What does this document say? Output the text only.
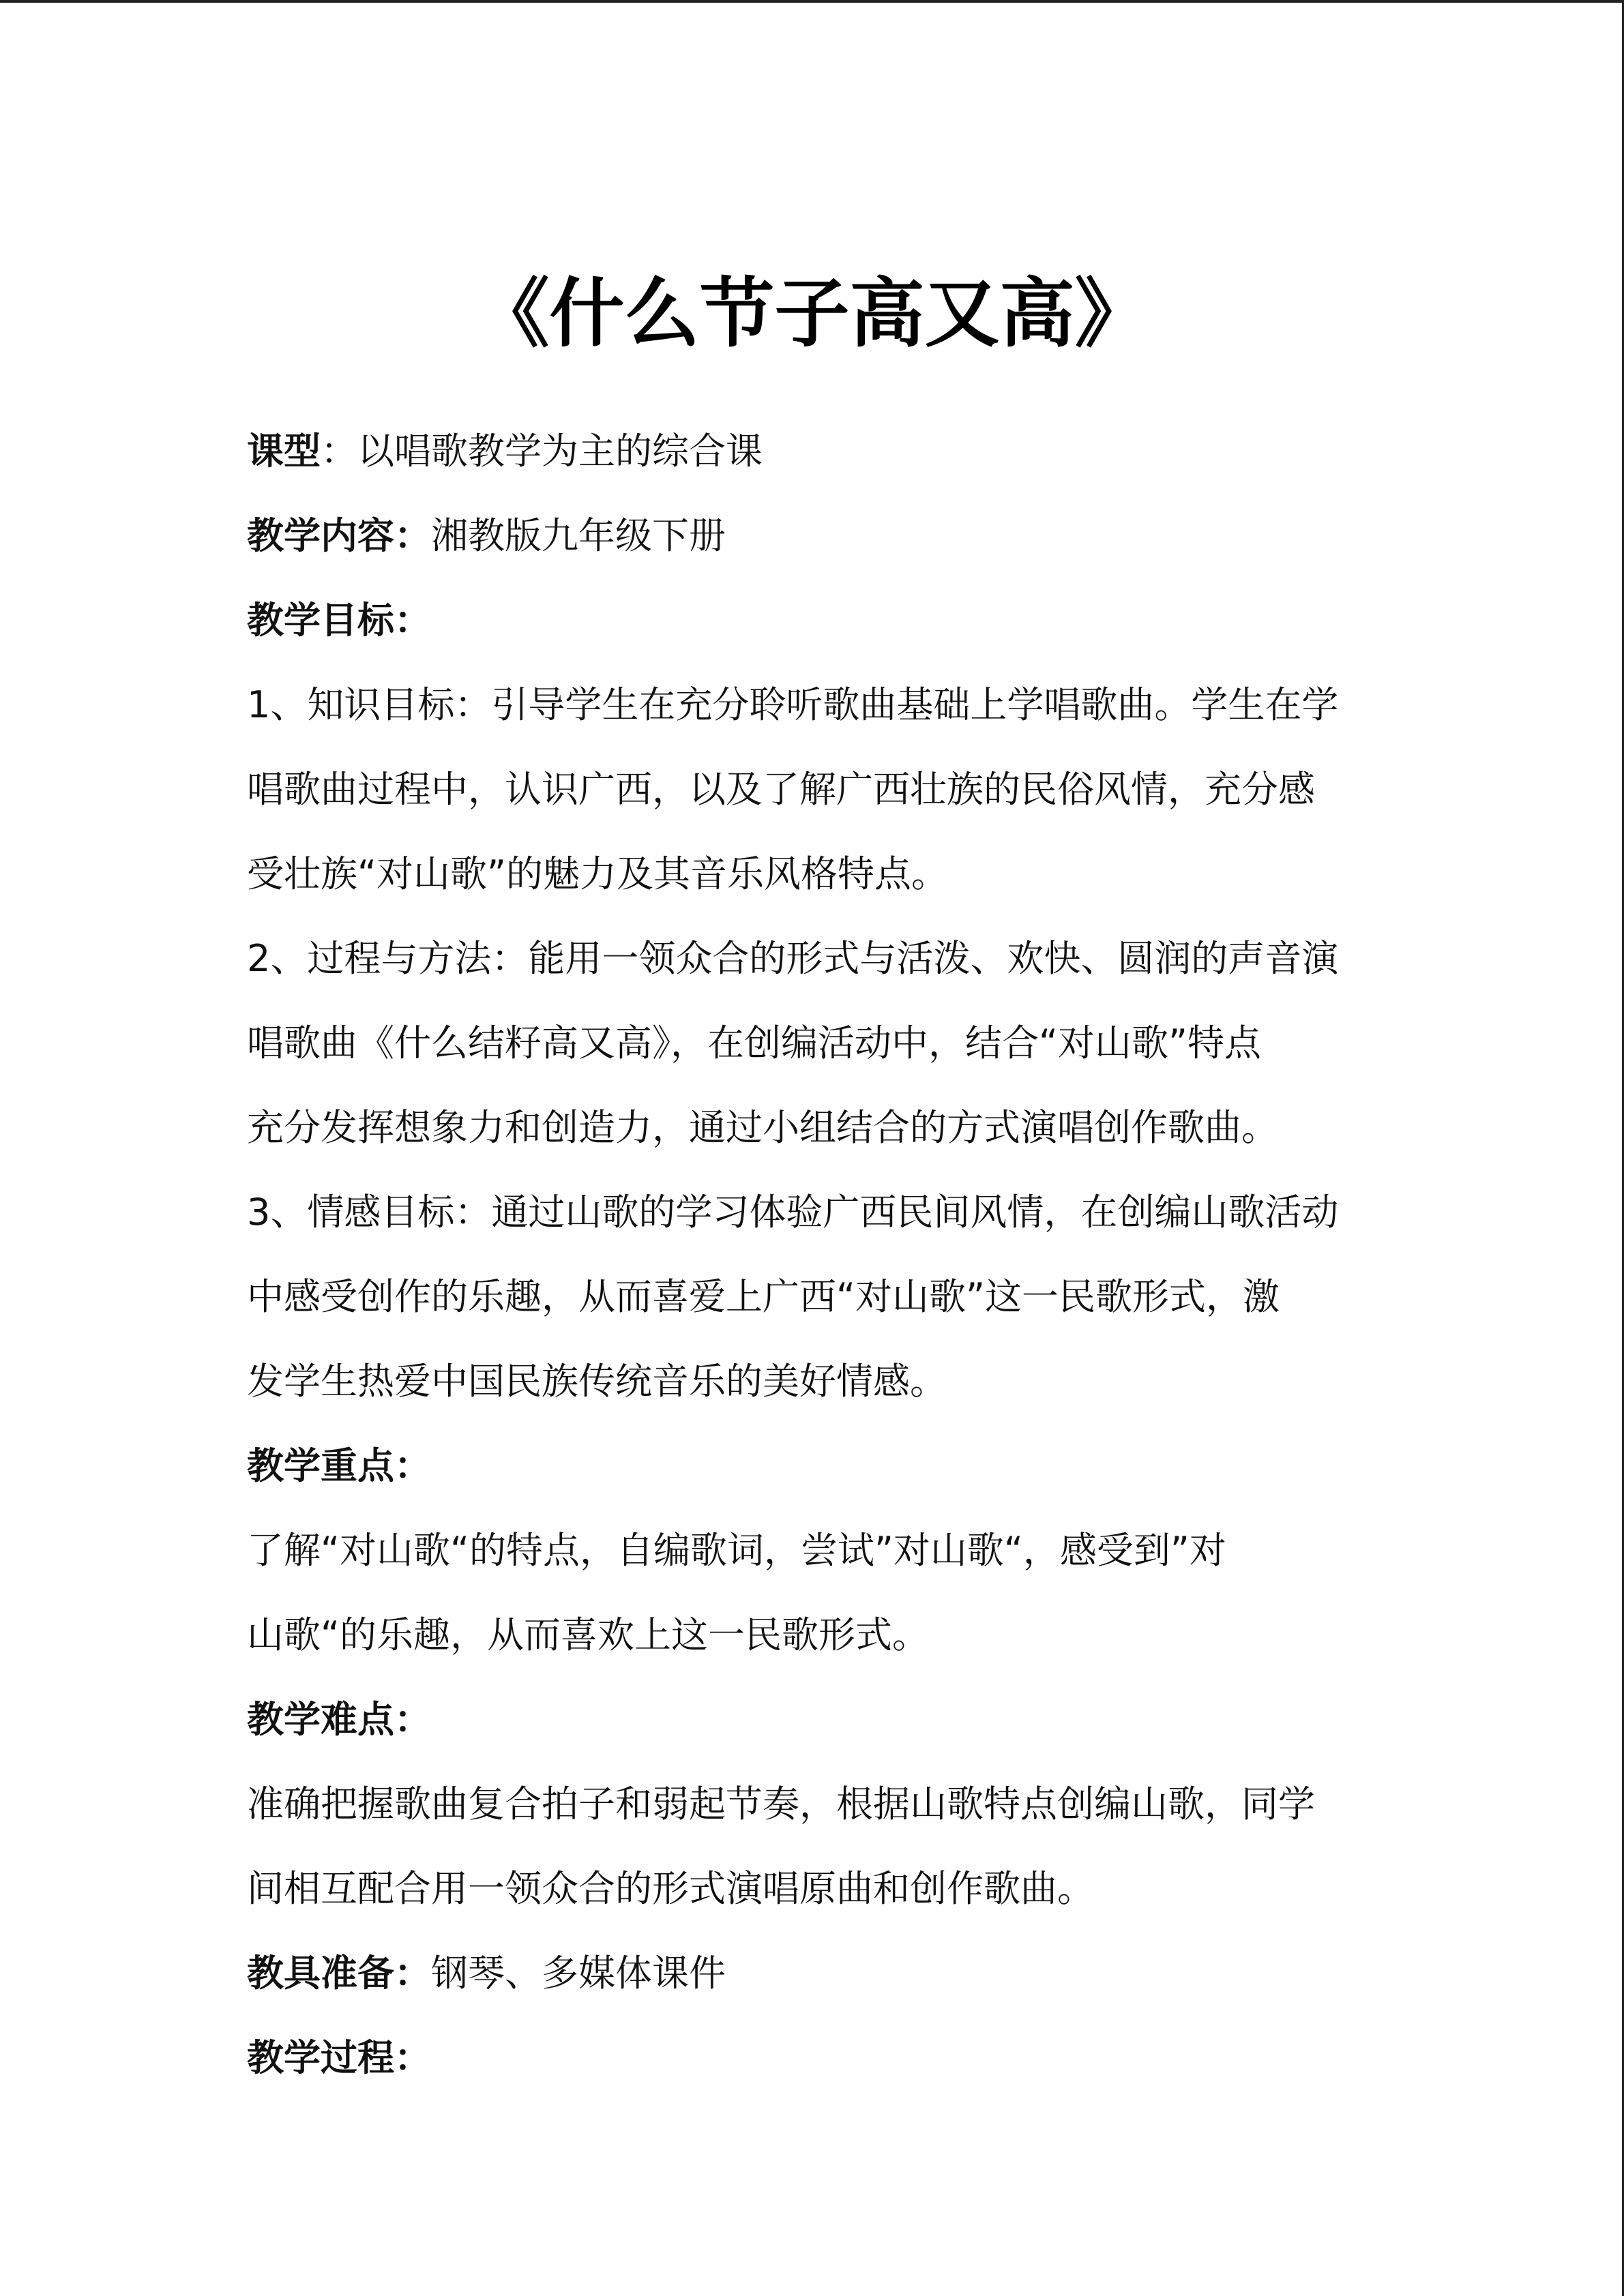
《什么节子高又高》
课型：以唱歌教学为主的综合课
教学内容：湘教版九年级下册
教学目标：
1、知识目标：引导学生在充分聆听歌曲基础上学唱歌曲。学生在学
唱歌曲过程中，认识广西，以及了解广西壮族的民俗风情，充分感
受壮族“对山歌”的魅力及其音乐风格特点。
2、过程与方法：能用一领众合的形式与活泼、欢快、圆润的声音演
唱歌曲《什么结籽高又高》，在创编活动中，结合“对山歌”特点
充分发挥想象力和创造力，通过小组结合的方式演唱创作歌曲。
3、情感目标：通过山歌的学习体验广西民间风情，在创编山歌活动
中感受创作的乐趣，从而喜爱上广西“对山歌”这一民歌形式，激
发学生热爱中国民族传统音乐的美好情感。
教学重点：
了解“对山歌“的特点，自编歌词，尝试”对山歌“，感受到”对
山歌“的乐趣，从而喜欢上这一民歌形式。
教学难点：
准确把握歌曲复合拍子和弱起节奏，根据山歌特点创编山歌，同学
间相互配合用一领众合的形式演唱原曲和创作歌曲。
教具准备：钢琴、多媒体课件
教学过程：
